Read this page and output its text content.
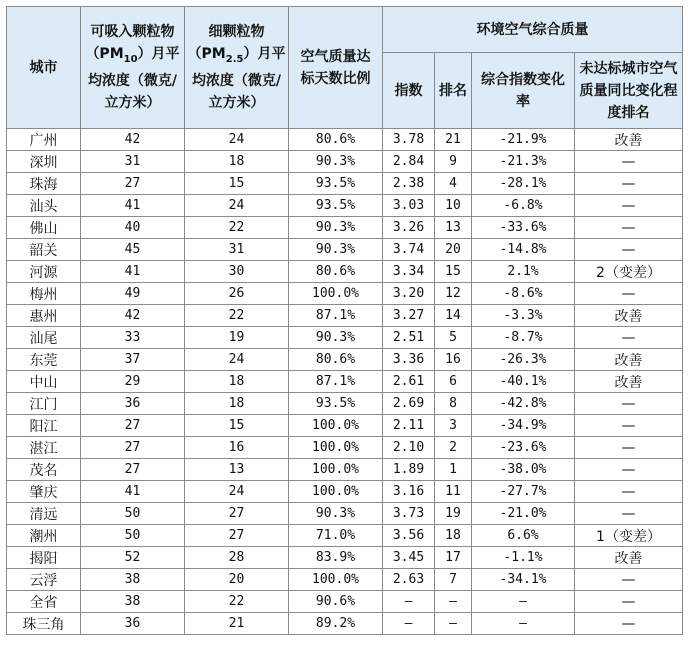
城市	可吸入颗粒物$(PM_{10})$月平均浓度（微克/立方米）	细颗粒物$(PM_{2.5})$月平均浓度（微克/立方米）	空气质量达标天数比例	环境空气综合质量			
				指数	排名	综合指数变化率	未达标城市空气质量同比变化程度排名
广州	42	24	80.6%	3.78	21	-21.9%	改善
深圳	31	18	90.3%	2.84	9	-21.3%	—
珠海	27	15	93.5%	2.38	4	-28.1%	—
汕头	41	24	93.5%	3.03	10	-6.8%	—
佛山	40	22	90.3%	3.26	13	-33.6%	—
韶关	45	31	90.3%	3.74	20	-14.8%	—
河源	41	30	80.6%	3.34	15	2.1%	2（变差）
梅州	49	26	100.0%	3.20	12	-8.6%	—
惠州	42	22	87.1%	3.27	14	-3.3%	改善
汕尾	33	19	90.3%	2.51	5	-8.7%	—
东莞	37	24	80.6%	3.36	16	-26.3%	改善
中山	29	18	87.1%	2.61	6	-40.1%	改善
江门	36	18	93.5%	2.69	8	-42.8%	—
阳江	27	15	100.0%	2.11	3	-34.9%	—
湛江	27	16	100.0%	2.10	2	-23.6%	—
茂名	27	13	100.0%	1.89	1	-38.0%	—
肇庆	41	24	100.0%	3.16	11	-27.7%	—
清远	50	27	90.3%	3.73	19	-21.0%	—
潮州	50	27	71.0%	3.56	18	6.6%	1（变差）
揭阳	52	28	83.9%	3.45	17	-1.1%	改善
云浮	38	20	100.0%	2.63	7	-34.1%	—
全省	38	22	90.6%	—	—	—	—
珠三角	36	21	89.2%	—	—	—	—
